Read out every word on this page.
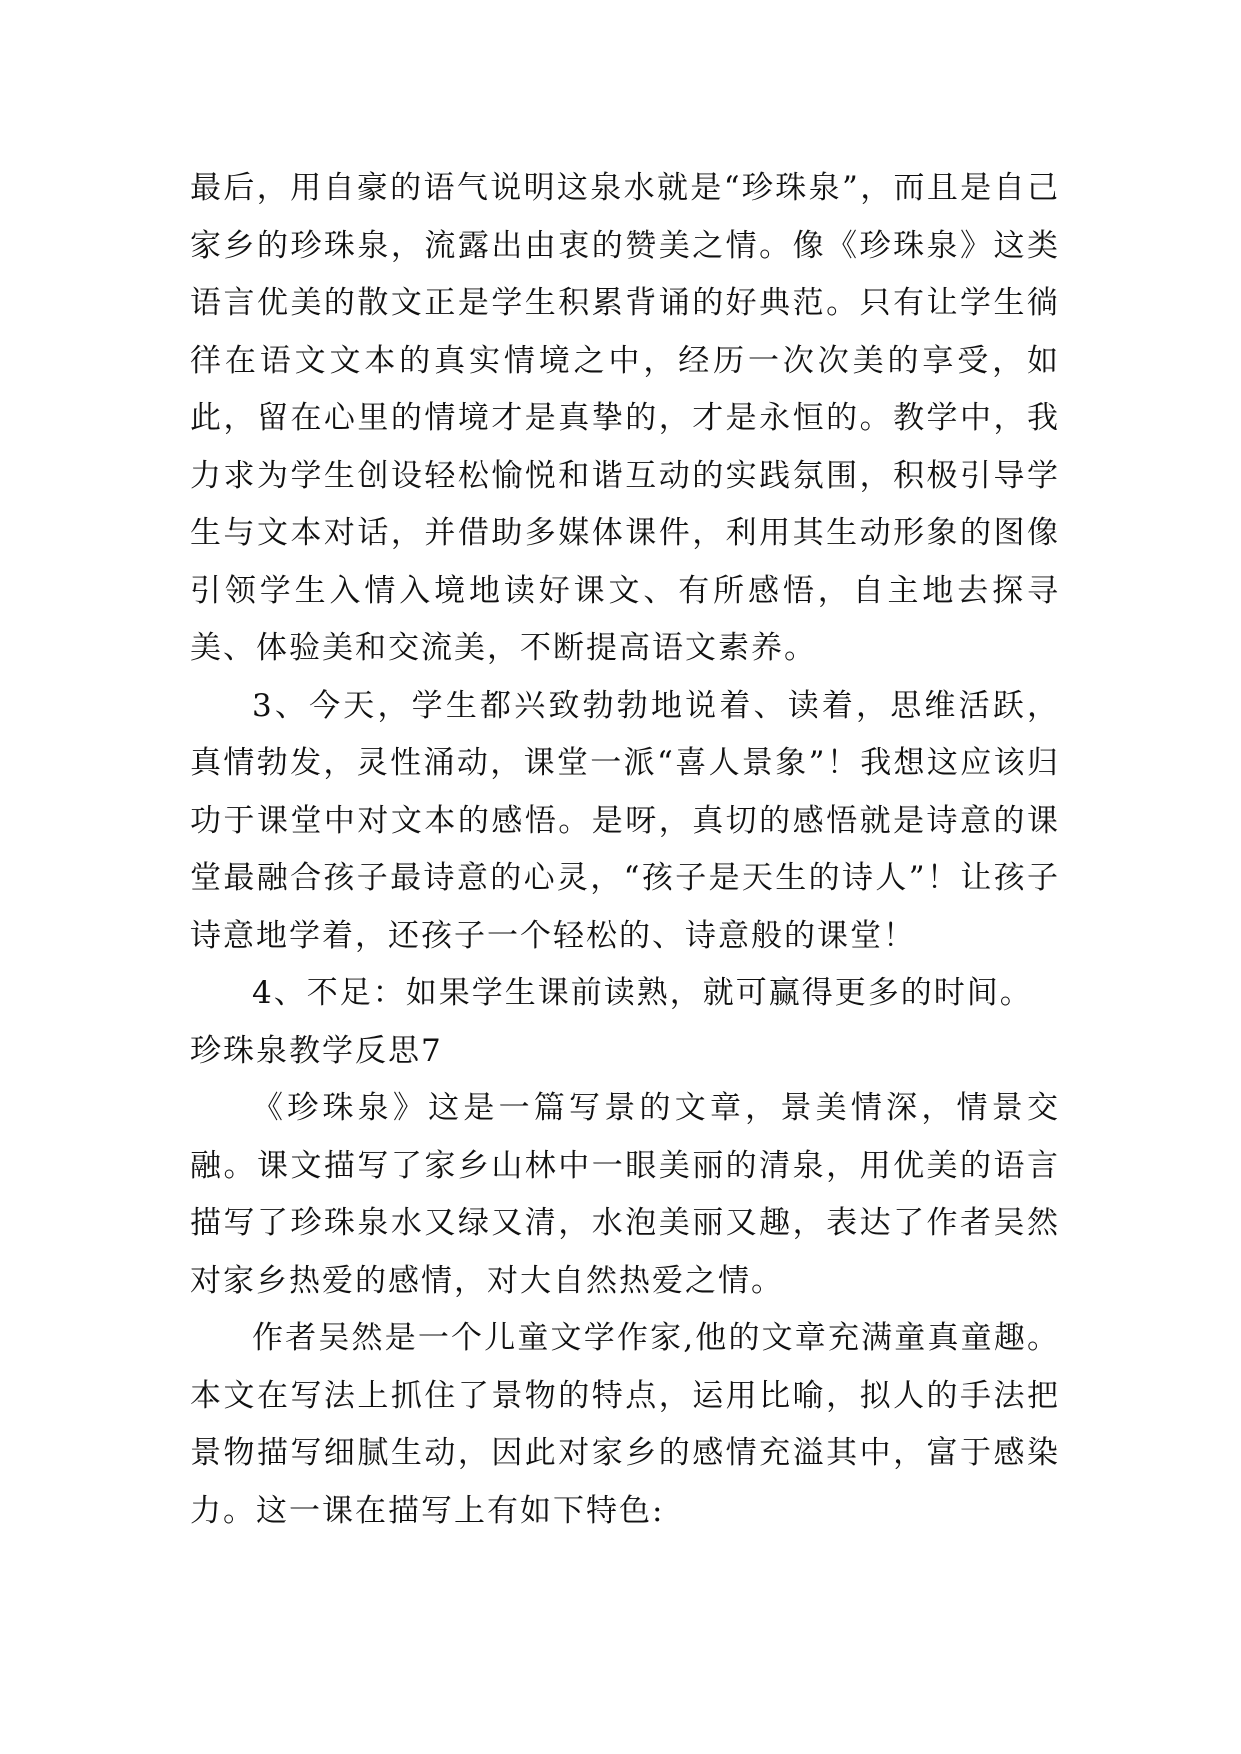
最后，用自豪的语气说明这泉水就是“珍珠泉”，而且是自己家乡的珍珠泉，流露出由衷的赞美之情。像《珍珠泉》这类语言优美的散文正是学生积累背诵的好典范。只有让学生徜徉在语文文本的真实情境之中，经历一次次美的享受，如此，留在心里的情境才是真挚的，才是永恒的。教学中，我力求为学生创设轻松愉悦和谐互动的实践氛围，积极引导学生与文本对话，并借助多媒体课件，利用其生动形象的图像引领学生入情入境地读好课文、有所感悟，自主地去探寻美、体验美和交流美，不断提高语文素养。

3、今天，学生都兴致勃勃地说着、读着，思维活跃，真情勃发，灵性涌动，课堂一派“喜人景象”！我想这应该归功于课堂中对文本的感悟。是呀，真切的感悟就是诗意的课堂最融合孩子最诗意的心灵，“孩子是天生的诗人”！让孩子诗意地学着，还孩子一个轻松的、诗意般的课堂！

4、不足：如果学生课前读熟，就可赢得更多的时间。

珍珠泉教学反思7

《珍珠泉》这是一篇写景的文章，景美情深，情景交融。课文描写了家乡山林中一眼美丽的清泉，用优美的语言描写了珍珠泉水又绿又清，水泡美丽又趣，表达了作者吴然对家乡热爱的感情，对大自然热爱之情。

作者吴然是一个儿童文学作家,他的文章充满童真童趣。本文在写法上抓住了景物的特点，运用比喻，拟人的手法把景物描写细腻生动，因此对家乡的感情充溢其中，富于感染力。这一课在描写上有如下特色:
